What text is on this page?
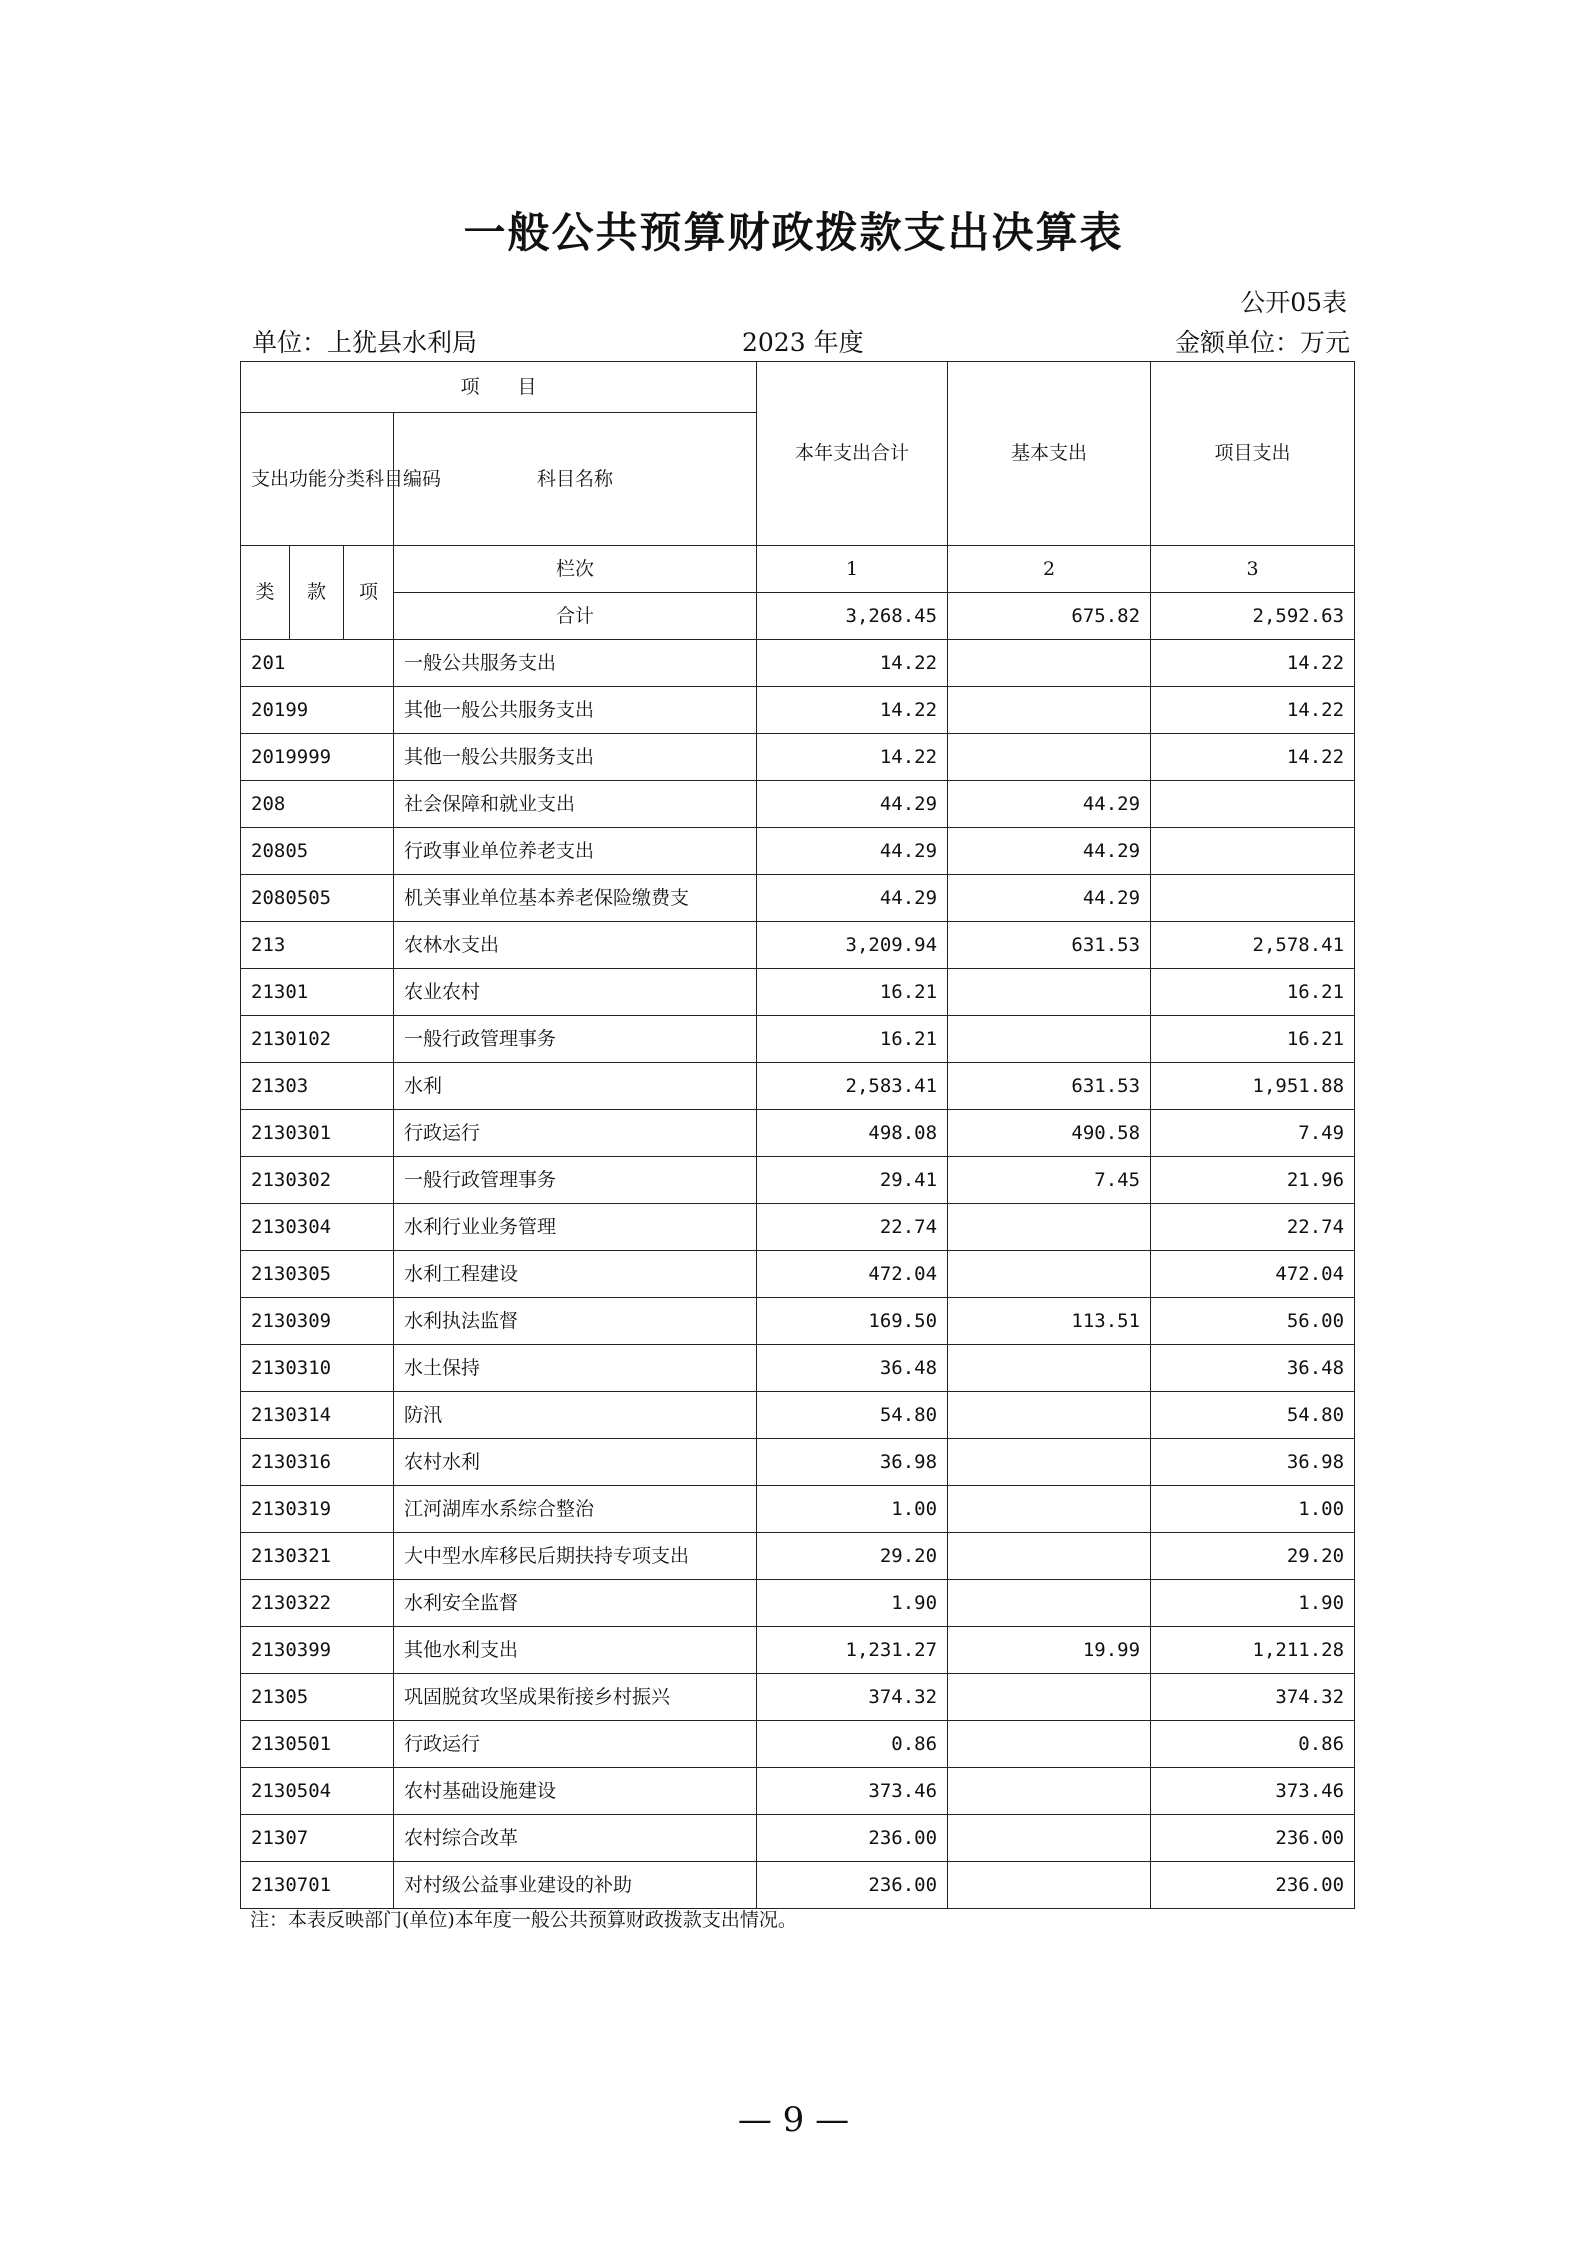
一般公共预算财政拨款支出决算表
公开05表
单位：上犹县水利局	2023 年度	金额单位：万元
项　　目				本年支出合计	基本支出	项目支出
支出功能分类科目编码			科目名称			
类	款	项	栏次	1	2	3
			合计	3,268.45	675.82	2,592.63
201			一般公共服务支出	14.22		14.22
20199			其他一般公共服务支出	14.22		14.22
2019999			其他一般公共服务支出	14.22		14.22
208			社会保障和就业支出	44.29	44.29	
20805			行政事业单位养老支出	44.29	44.29	
2080505			机关事业单位基本养老保险缴费支	44.29	44.29	
213			农林水支出	3,209.94	631.53	2,578.41
21301			农业农村	16.21		16.21
2130102			一般行政管理事务	16.21		16.21
21303			水利	2,583.41	631.53	1,951.88
2130301			行政运行	498.08	490.58	7.49
2130302			一般行政管理事务	29.41	7.45	21.96
2130304			水利行业业务管理	22.74		22.74
2130305			水利工程建设	472.04		472.04
2130309			水利执法监督	169.50	113.51	56.00
2130310			水土保持	36.48		36.48
2130314			防汛	54.80		54.80
2130316			农村水利	36.98		36.98
2130319			江河湖库水系综合整治	1.00		1.00
2130321			大中型水库移民后期扶持专项支出	29.20		29.20
2130322			水利安全监督	1.90		1.90
2130399			其他水利支出	1,231.27	19.99	1,211.28
21305			巩固脱贫攻坚成果衔接乡村振兴	374.32		374.32
2130501			行政运行	0.86		0.86
2130504			农村基础设施建设	373.46		373.46
21307			农村综合改革	236.00		236.00
2130701			对村级公益事业建设的补助	236.00		236.00
注：本表反映部门(单位)本年度一般公共预算财政拨款支出情况。
— 9 —
